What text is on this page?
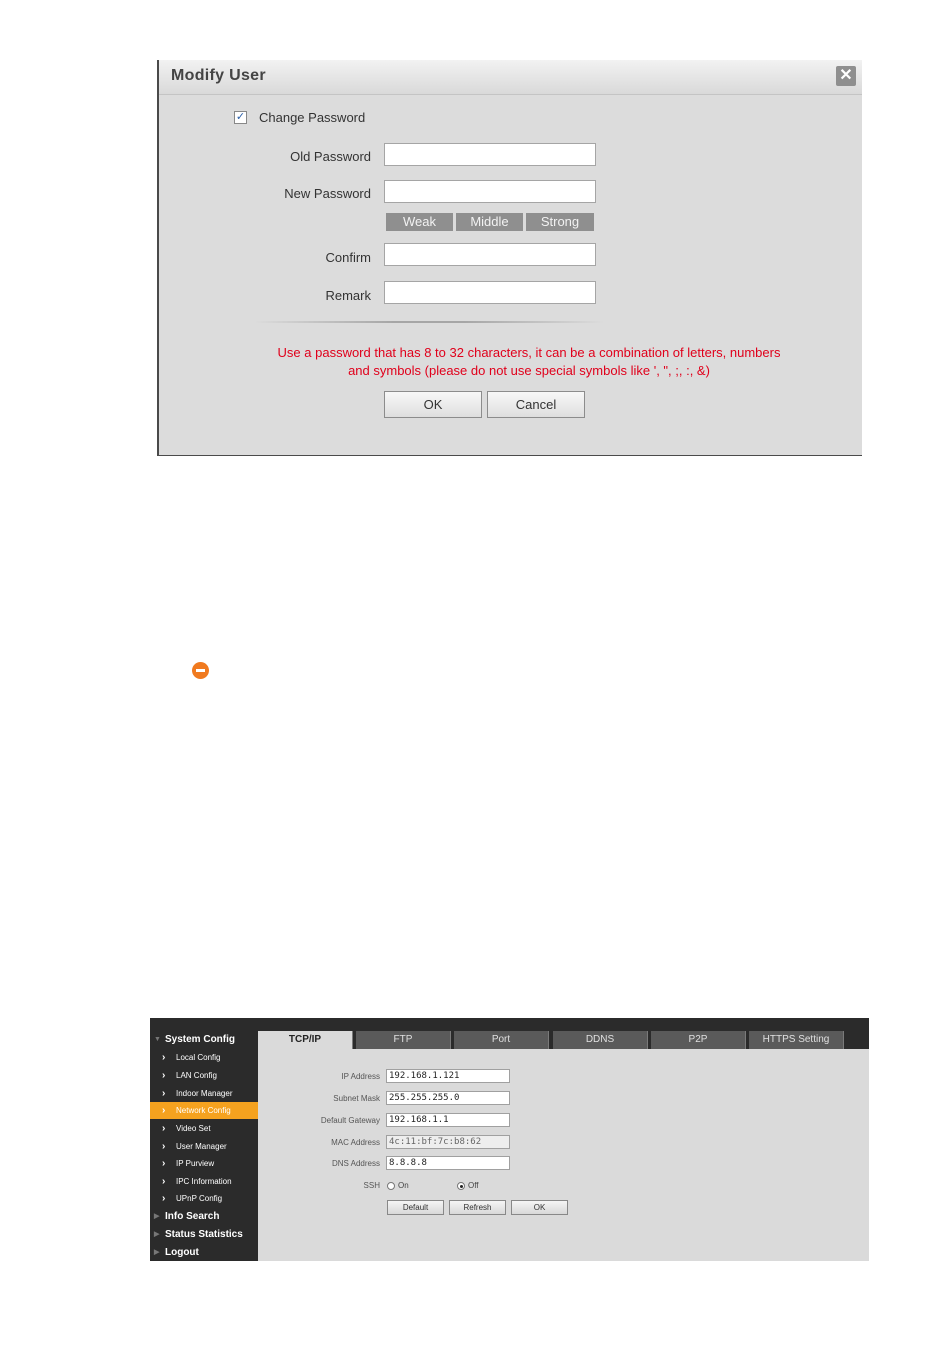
Modify User	✕
✓ Change Password
Old Password
New Password
Weak	Middle	Strong
Confirm
Remark
Use a password that has 8 to 32 characters, it can be a combination of letters, numbers
and symbols (please do not use special symbols like ', ", ;, :, &)
OK	Cancel
▼ System Config
› Local Config
› LAN Config
› Indoor Manager
› Network Config
› Video Set
› User Manager
› IP Purview
› IPC Information
› UPnP Config
▶ Info Search
▶ Status Statistics
▶ Logout
TCP/IP	FTP	Port	DDNS	P2P	HTTPS Setting
IP Address	192.168.1.121
Subnet Mask	255.255.255.0
Default Gateway	192.168.1.1
MAC Address	4c:11:bf:7c:b8:62
DNS Address	8.8.8.8
SSH On	Off
Default	Refresh	OK
